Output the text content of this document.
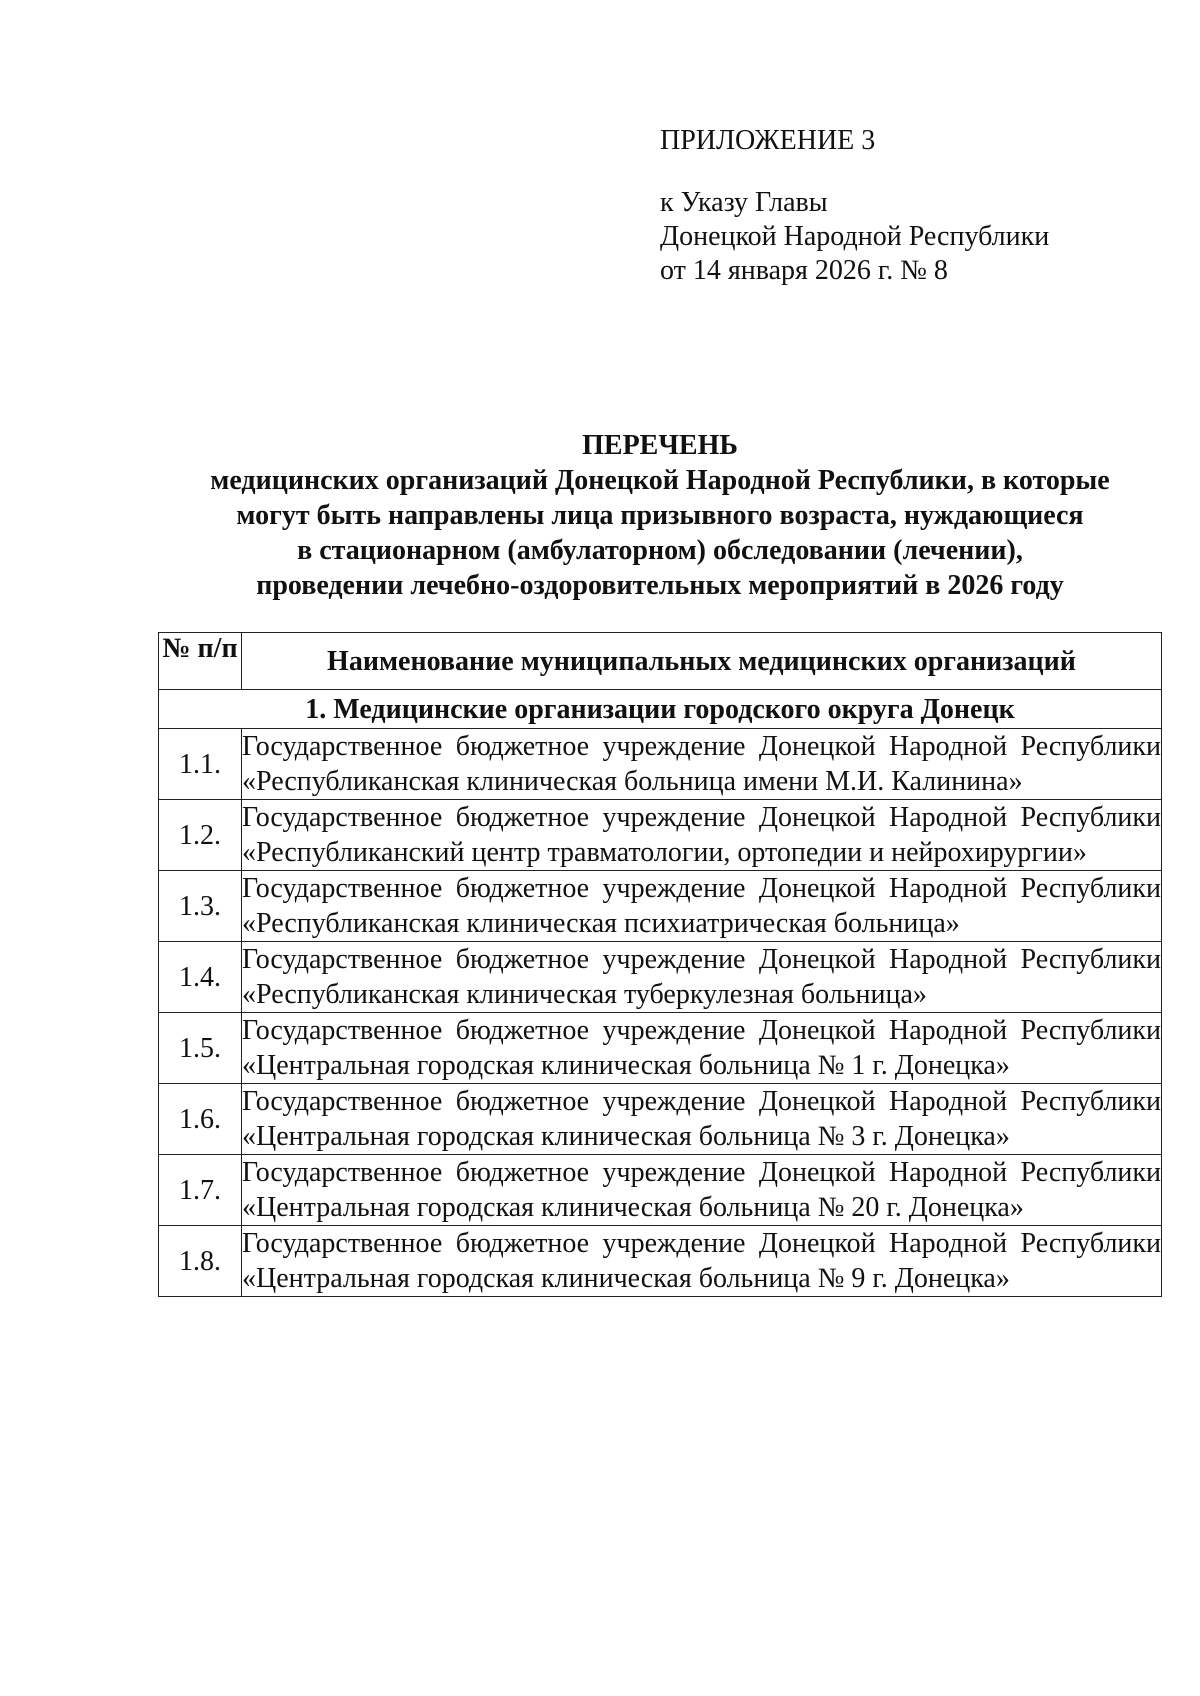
ПРИЛОЖЕНИЕ 3
к Указу Главы
Донецкой Народной Республики
от 14 января 2026 г. № 8
ПЕРЕЧЕНЬ
медицинских организаций Донецкой Народной Республики, в которые
могут быть направлены лица призывного возраста, нуждающиеся
в стационарном (амбулаторном) обследовании (лечении),
проведении лечебно-оздоровительных мероприятий в 2026 году
№ п/п	Наименование муниципальных медицинских организаций
1. Медицинские организации городского округа Донецк	
1.1.	Государственное бюджетное учреждение Донецкой Народной Республики «Республиканская клиническая больница имени М.И. Калинина»
1.2.	Государственное бюджетное учреждение Донецкой Народной Республики «Республиканский центр травматологии, ортопедии и нейрохирургии»
1.3.	Государственное бюджетное учреждение Донецкой Народной Республики «Республиканская клиническая психиатрическая больница»
1.4.	Государственное бюджетное учреждение Донецкой Народной Республики «Республиканская клиническая туберкулезная больница»
1.5.	Государственное бюджетное учреждение Донецкой Народной Республики «Центральная городская клиническая больница № 1 г. Донецка»
1.6.	Государственное бюджетное учреждение Донецкой Народной Республики «Центральная городская клиническая больница № 3 г. Донецка»
1.7.	Государственное бюджетное учреждение Донецкой Народной Республики «Центральная городская клиническая больница № 20 г. Донецка»
1.8.	Государственное бюджетное учреждение Донецкой Народной Республики «Центральная городская клиническая больница № 9 г. Донецка»
